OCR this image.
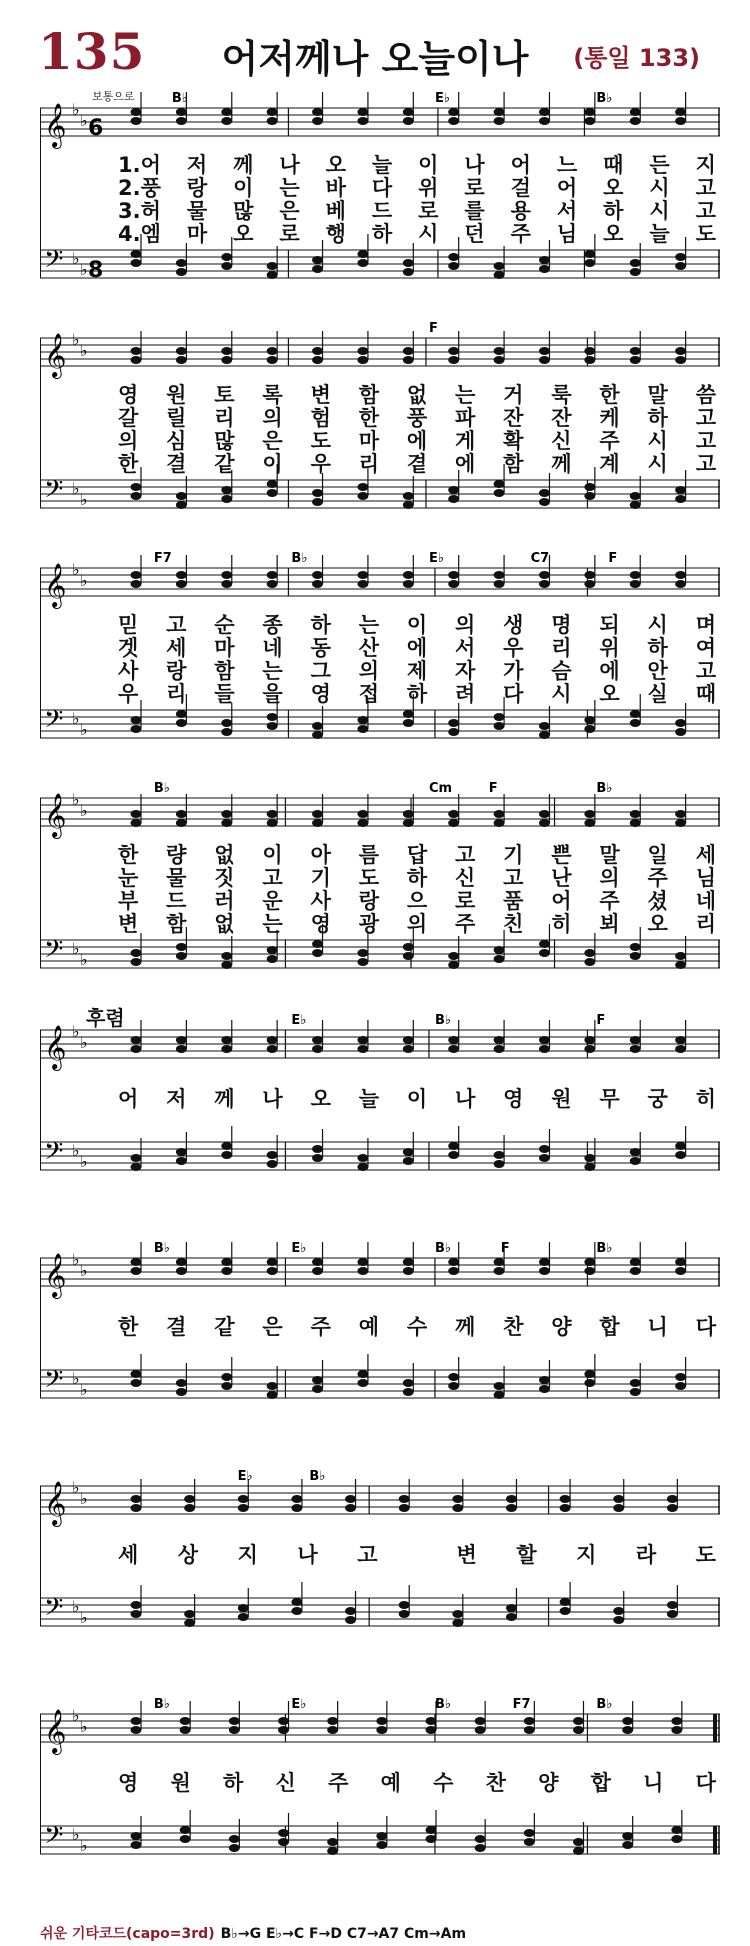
135	어저께나 오늘이나	(통일 133)
보통으로
후렴
𝄞
𝄢
♭
♭
♭
♭
6
8
B♭	E♭	B♭
1.어 저 께 나 오 늘 이 나 어 느 때 든 지
2.풍 랑 이 는 바 다 위 로 걸 어 오 시 고
3.허 물 많 은 베 드 로 를 용 서 하 시 고
4.엠 마 오 로 행 하 시 던 주 님 오 늘 도
𝄞
𝄢
♭
♭
♭
♭
F
영 원 토 록 변 함 없 는 거 룩 한 말 씀
갈 릴 리 의 험 한 풍 파 잔 잔 케 하 고
의 심 많 은 도 마 에 게 확 신 주 시 고
한 결 같 이 우 리 곁 에 함 께 계 시 고
𝄞
𝄢
♭
♭
♭
♭
F7	B♭	E♭	C7	F
믿 고 순 종 하 는 이 의 생 명 되 시 며
겟 세 마 네 동 산 에 서 우 리 위 하 여
사 랑 함 는 그 의 제 자 가 슴 에 안 고
우 리 들 을 영 접 하 려 다 시 오 실 때
𝄞
𝄢
♭
♭
♭
♭
B♭	Cm	F	B♭
한 량 없 이 아 름 답 고 기 쁜 말 일 세
눈 물 짓 고 기 도 하 신 고 난 의 주 님
부 드 러 운 사 랑 으 로 품 어 주 셨 네
변 함 없 는 영 광 의 주 친 히 뵈 오 리
𝄞
𝄢
♭
♭
♭
♭
E♭	B♭	F
어 저 께 나 오 늘 이 나 영 원 무 궁 히
𝄞
𝄢
♭
♭
♭
♭
B♭	E♭	B♭	F	B♭
한 결 같 은 주 예 수 께 찬 양 합 니 다
𝄞
𝄢
♭
♭
♭
♭
E♭	B♭
세 상 지 나 고	변 할 지 라 도
𝄞
𝄢
♭
♭
♭
♭
B♭	E♭	B♭	F7	B♭
영 원 하 신 주 예 수 찬 양 합 니 다
쉬운 기타코드(capo=3rd) B♭→G E♭→C F→D C7→A7 Cm→Am
